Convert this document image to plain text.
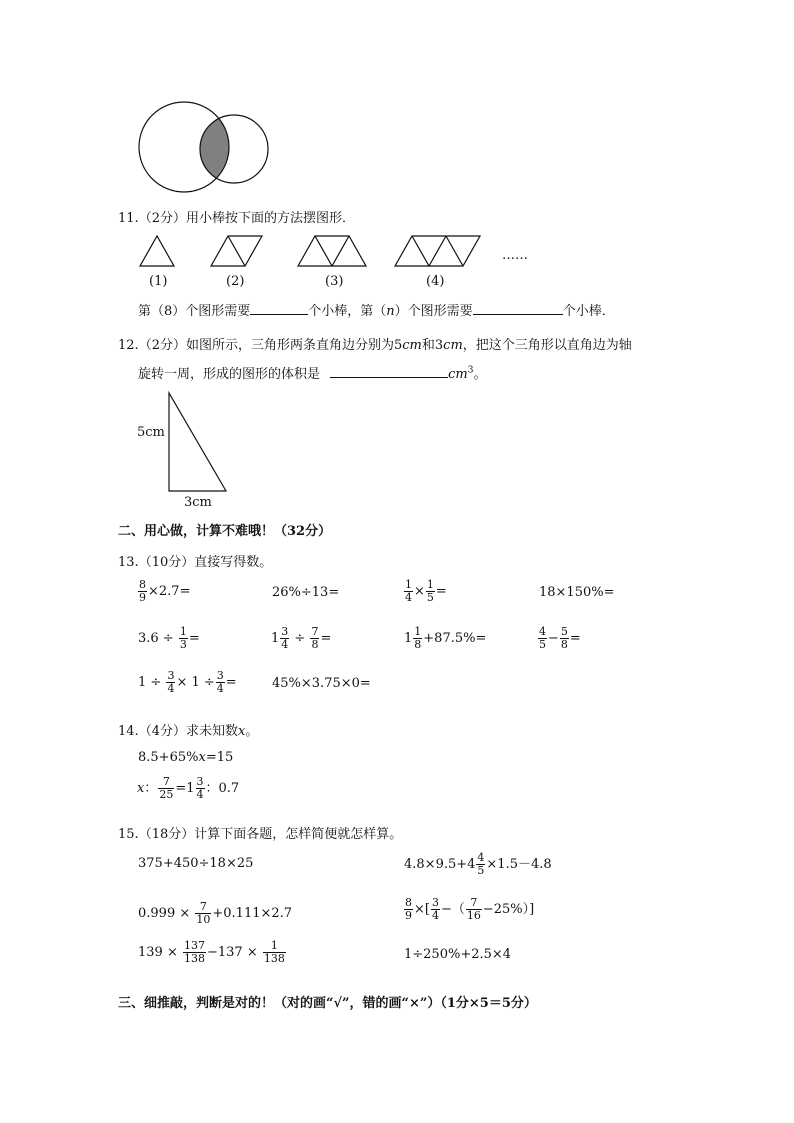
11.（2分）用小棒按下面的方法摆图形．
(1)	(2)	(3)	(4)
……
第（8）个图形需要	个小棒，第（n）个图形需要	个小棒．
12.（2分）如图所示，三角形两条直角边分别为5cm和3cm，把这个三角形以直角边为轴
旋转一周，形成的图形的体积是	$cm^3$。
5cm
3cm
二、用心做，计算不难哦！（32分）
13.（10分）直接写得数。
$\frac{8}{9} \times 2.7=$	26%÷13=	$\frac{1}{4} \times \frac{1}{5}$ =	18×150%=
$3.6 \div \frac{1}{3}$ =	$1 \frac{3}{4} \div \frac{7}{8}$ =	$1 \frac{1}{8} +87.5\%=$	$\frac{4}{5} - \frac{5}{8}$ =
$1 \div \frac{3}{4} \times 1 \div \frac{3}{4}$ =	45%×3.75×0=
14.（4分）求未知数x。
8.5+65%x=15
x： $\frac{7}{25} =1 \frac{3}{4}$ ：0.7
15.（18分）计算下面各题，怎样简便就怎样算。
375+450÷18×25	$4.8\times 9.5+4 \frac{4}{5} \times 1.5-4.8$
$0.999 \times \frac{7}{10} +0.111\times 2.7$	$\frac{8}{9}$ ×[ $\frac{3}{4}$ −（ $\frac{7}{16} -25\%$）]
$139 \times \frac{137}{138} -137 \times \frac{1}{138}$	1÷250%+2.5×4
三、细推敲，判断是对的！（对的画“√”，错的画“×”）（1分×5＝5分）
